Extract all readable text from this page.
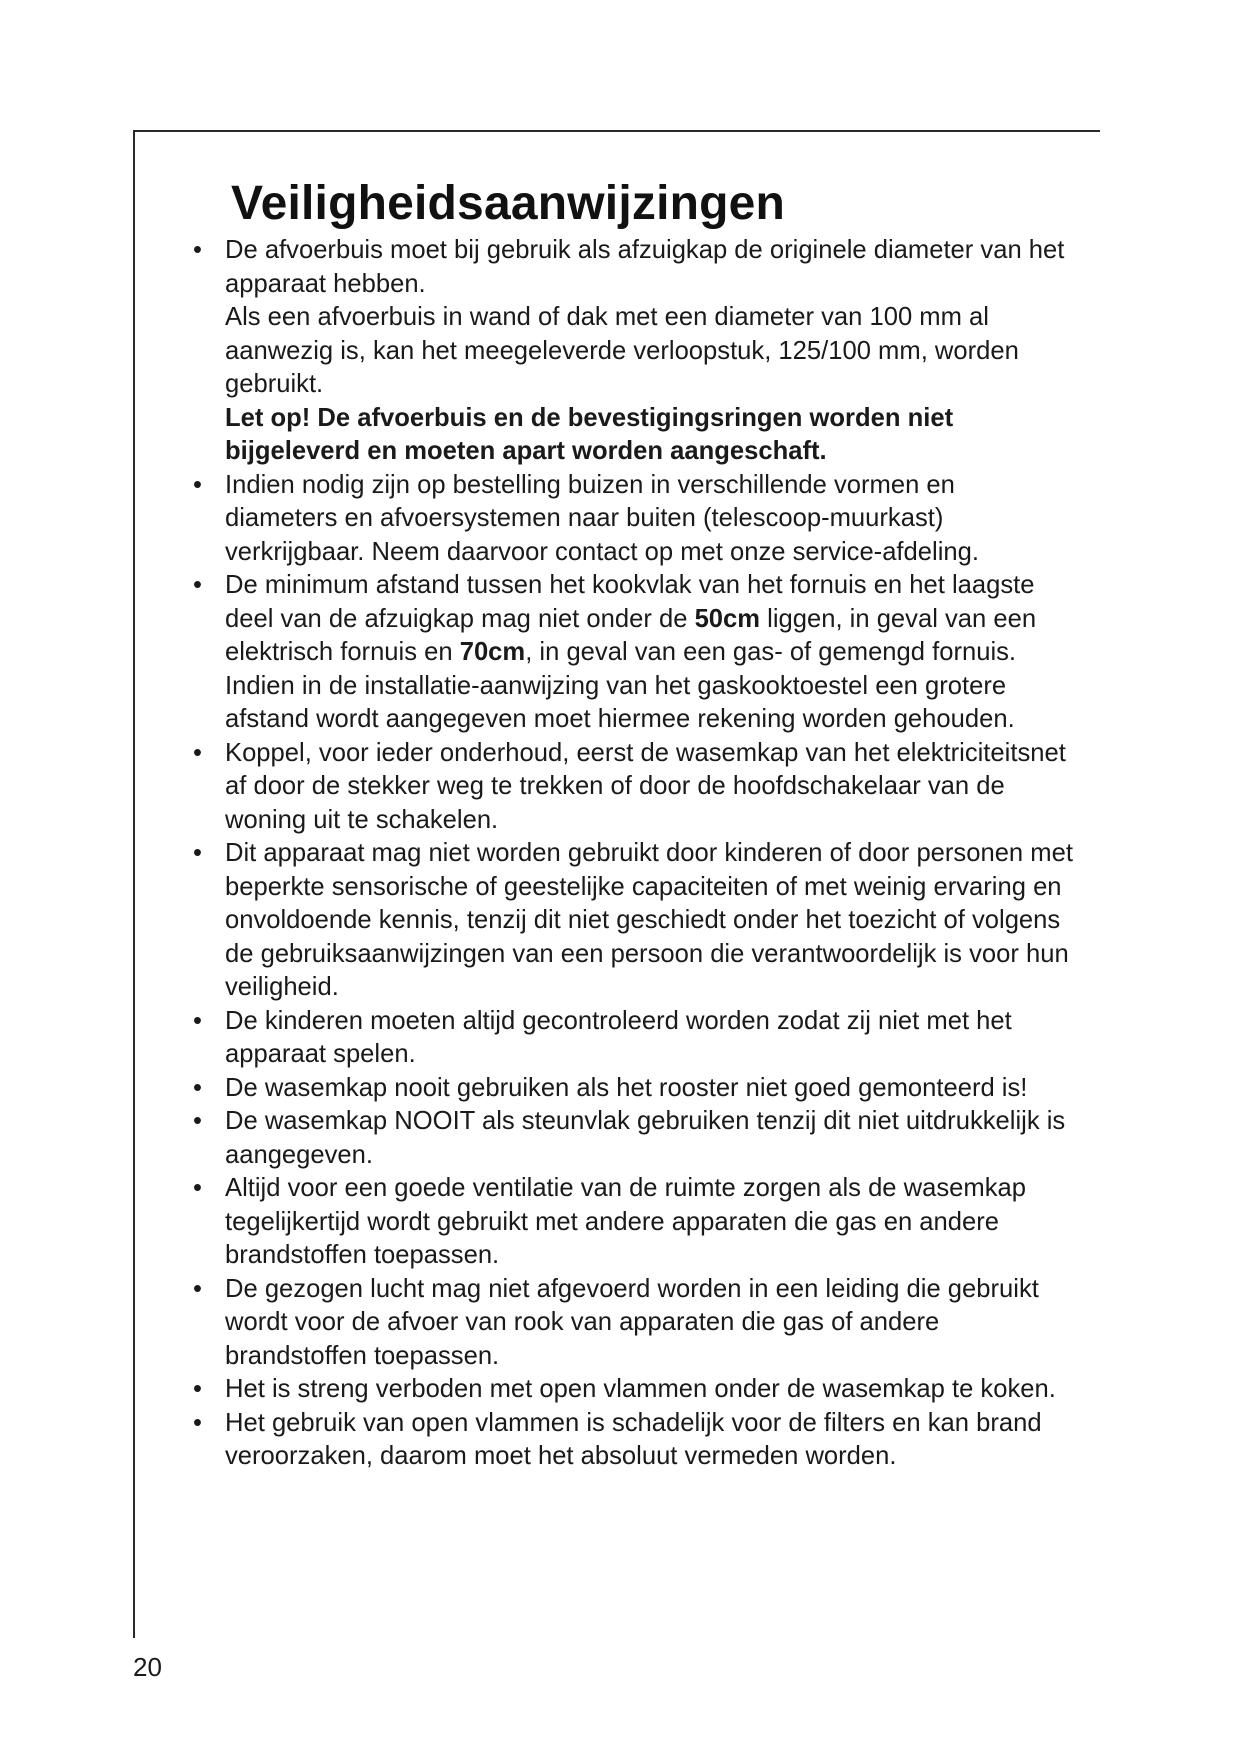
Veiligheidsaanwijzingen
• De afvoerbuis moet bij gebruik als afzuigkap de originele diameter van het apparaat hebben.

Als een afvoerbuis in wand of dak met een diameter van 100 mm al aanwezig is, kan het meegeleverde verloopstuk, 125/100 mm, worden gebruikt.

Let op! De afvoerbuis en de bevestigingsringen worden niet bijgeleverd en moeten apart worden aangeschaft.

• Indien nodig zijn op bestelling buizen in verschillende vormen en diameters en afvoersystemen naar buiten (telescoop-muurkast) verkrijgbaar. Neem daarvoor contact op met onze service-afdeling.

• De minimum afstand tussen het kookvlak van het fornuis en het laagste deel van de afzuigkap mag niet onder de 50cm liggen, in geval van een elektrisch fornuis en 70cm, in geval van een gas- of gemengd fornuis.

Indien in de installatie-aanwijzing van het gaskooktoestel een grotere afstand wordt aangegeven moet hiermee rekening worden gehouden.

• Koppel, voor ieder onderhoud, eerst de wasemkap van het elektriciteitsnet af door de stekker weg te trekken of door de hoofdschakelaar van de woning uit te schakelen.

• Dit apparaat mag niet worden gebruikt door kinderen of door personen met beperkte sensorische of geestelijke capaciteiten of met weinig ervaring en onvoldoende kennis, tenzij dit niet geschiedt onder het toezicht of volgens de gebruiksaanwijzingen van een persoon die verantwoordelijk is voor hun veiligheid.

• De kinderen moeten altijd gecontroleerd worden zodat zij niet met het apparaat spelen.

• De wasemkap nooit gebruiken als het rooster niet goed gemonteerd is!

• De wasemkap NOOIT als steunvlak gebruiken tenzij dit niet uitdrukkelijk is aangegeven.

• Altijd voor een goede ventilatie van de ruimte zorgen als de wasemkap tegelijkertijd wordt gebruikt met andere apparaten die gas en andere brandstoffen toepassen.

• De gezogen lucht mag niet afgevoerd worden in een leiding die gebruikt wordt voor de afvoer van rook van apparaten die gas of andere brandstoffen toepassen.

• Het is streng verboden met open vlammen onder de wasemkap te koken.

• Het gebruik van open vlammen is schadelijk voor de filters en kan brand veroorzaken, daarom moet het absoluut vermeden worden.

20
